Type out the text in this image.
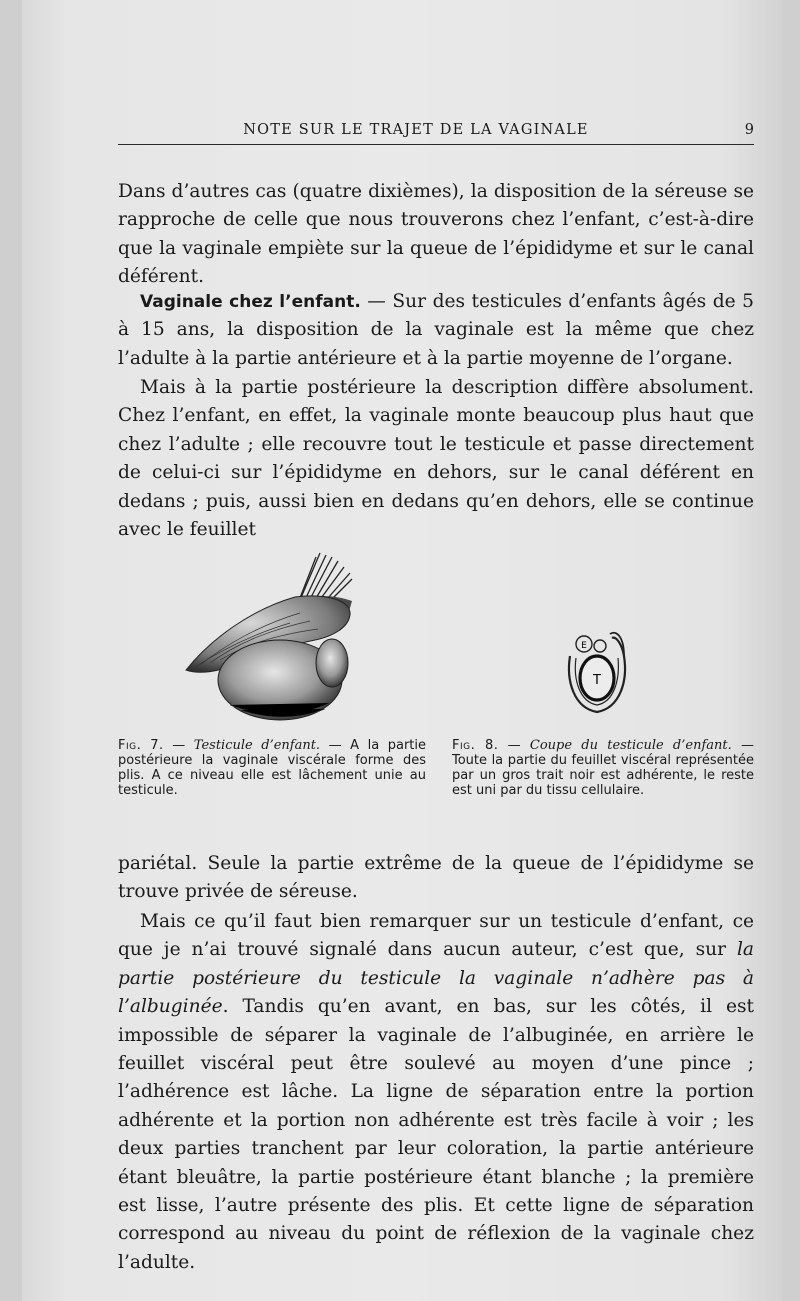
NOTE SUR LE TRAJET DE LA VAGINALE	9

Dans d’autres cas (quatre dixièmes), la disposition de la séreuse se rapproche de celle que nous trouverons chez l’enfant, c’est-à-dire que la vaginale empiète sur la queue de l’épididyme et sur le canal déférent.

Vaginale chez l’enfant. — Sur des testicules d’enfants âgés de 5 à 15 ans, la disposition de la vaginale est la même que chez l’adulte à la partie antérieure et à la partie moyenne de l’organe.

Mais à la partie postérieure la description diffère absolument. Chez l’enfant, en effet, la vaginale monte beaucoup plus haut que chez l’adulte ; elle recouvre tout le testicule et passe directement de celui-ci sur l’épididyme en dehors, sur le canal déférent en dedans ; puis, aussi bien en dedans qu’en dehors, elle se continue avec le feuillet

T
E
Fig. 7. — Testicule d’enfant. — A la partie postérieure la vaginale viscérale forme des plis. A ce niveau elle est lâchement unie au testicule.
Fig. 8. — Coupe du testicule d’enfant. — Toute la partie du feuillet viscéral représentée par un gros trait noir est adhérente, le reste est uni par du tissu cellulaire.

pariétal. Seule la partie extrême de la queue de l’épididyme se trouve privée de séreuse.

Mais ce qu’il faut bien remarquer sur un testicule d’enfant, ce que je n’ai trouvé signalé dans aucun auteur, c’est que, sur la partie postérieure du testicule la vaginale n’adhère pas à l’albuginée. Tandis qu’en avant, en bas, sur les côtés, il est impossible de séparer la vaginale de l’albuginée, en arrière le feuillet viscéral peut être soulevé au moyen d’une pince ; l’adhérence est lâche. La ligne de séparation entre la portion adhérente et la portion non adhérente est très facile à voir ; les deux parties tranchent par leur coloration, la partie antérieure étant bleuâtre, la partie postérieure étant blanche ; la première est lisse, l’autre présente des plis. Et cette ligne de séparation correspond au niveau du point de réflexion de la vaginale chez l’adulte.
